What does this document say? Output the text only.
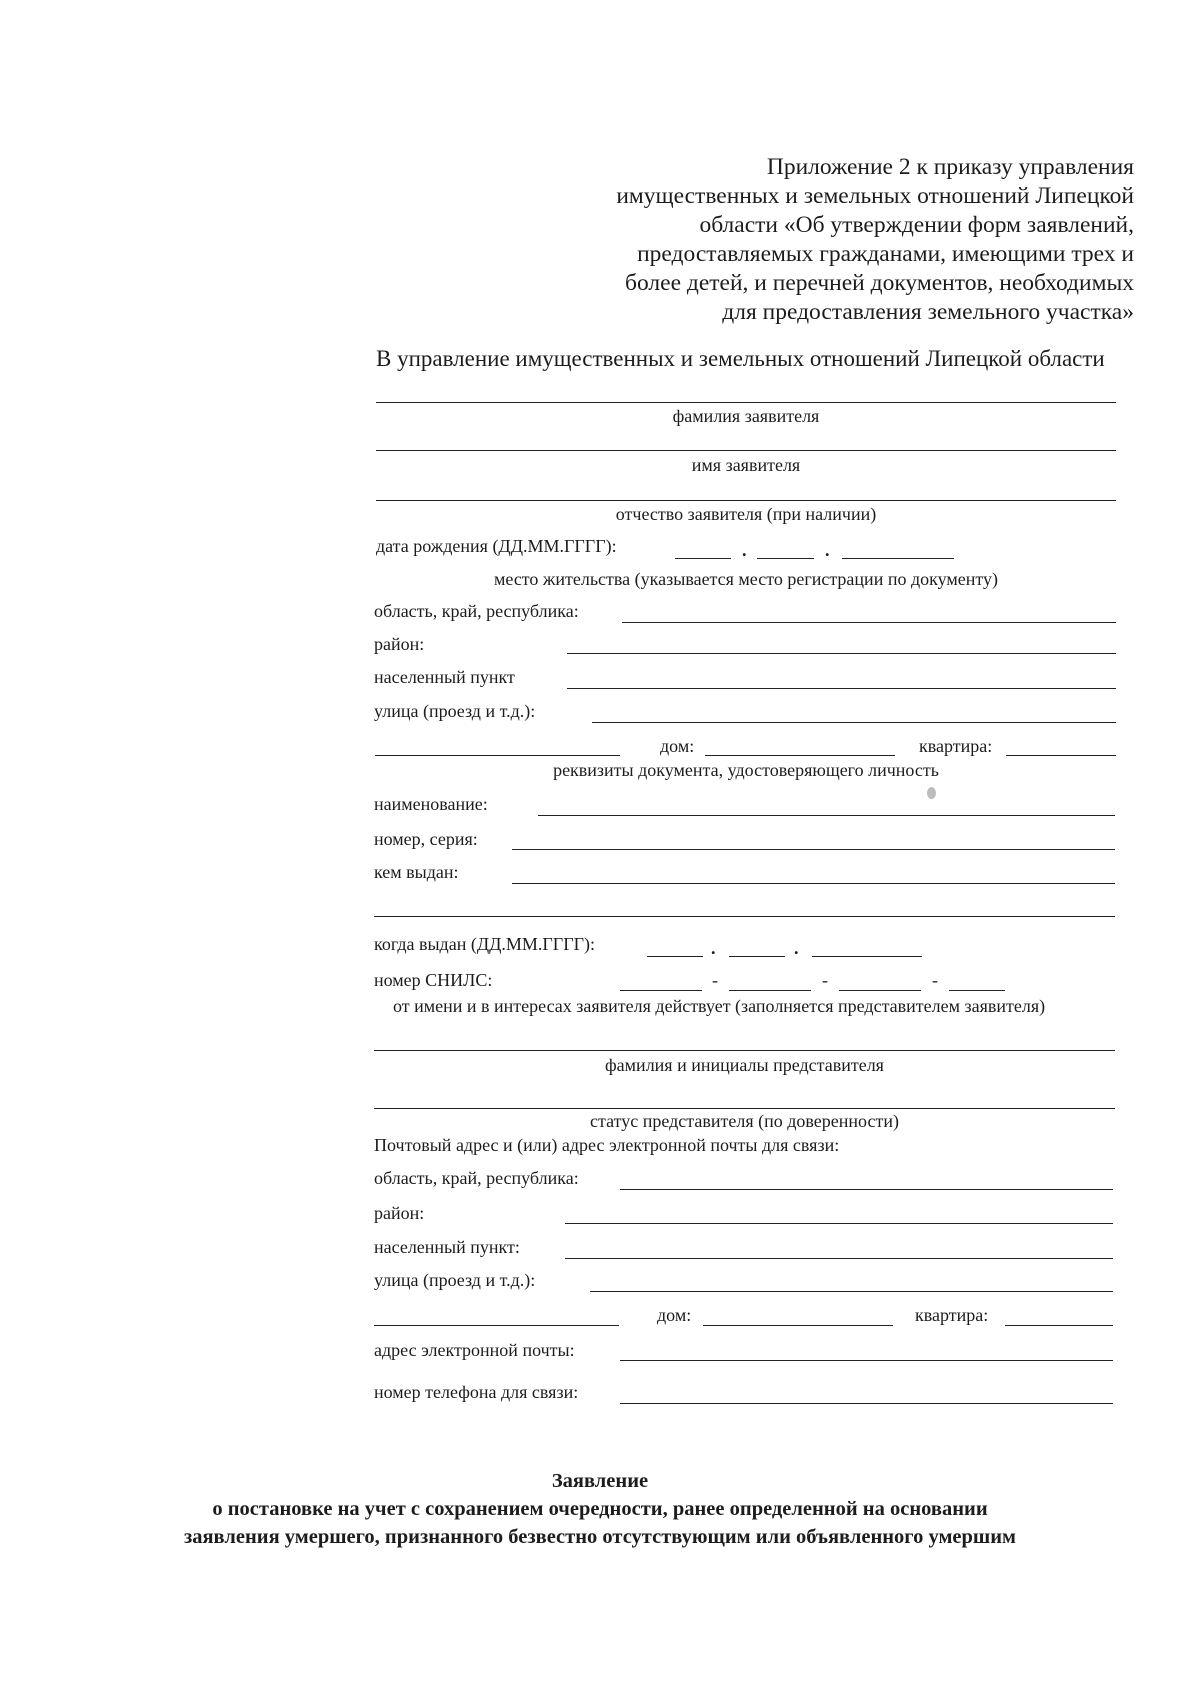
Приложение 2 к приказу управления
имущественных и земельных отношений Липецкой
области «Об утверждении форм заявлений,
предоставляемых гражданами, имеющими трех и
более детей, и перечней документов, необходимых
для предоставления земельного участка»
В управление имущественных и земельных отношений Липецкой области
фамилия заявителя
имя заявителя
отчество заявителя (при наличии)
дата рождения (ДД.ММ.ГГГГ):	.	.
место жительства (указывается место регистрации по документу)
область, край, республика:
район:
населенный пункт
улица (проезд и т.д.):
дом:	квартира:
реквизиты документа, удостоверяющего личность
наименование:
номер, серия:
кем выдан:
когда выдан (ДД.ММ.ГГГГ):	.	.
номер СНИЛС:	-	-	-
от имени и в интересах заявителя действует (заполняется представителем заявителя)
фамилия и инициалы представителя
статус представителя (по доверенности)
Почтовый адрес и (или) адрес электронной почты для связи:
область, край, республика:
район:
населенный пункт:
улица (проезд и т.д.):
дом:	квартира:
адрес электронной почты:
номер телефона для связи:
Заявление
о постановке на учет с сохранением очередности, ранее определенной на основании
заявления умершего, признанного безвестно отсутствующим или объявленного умершим
